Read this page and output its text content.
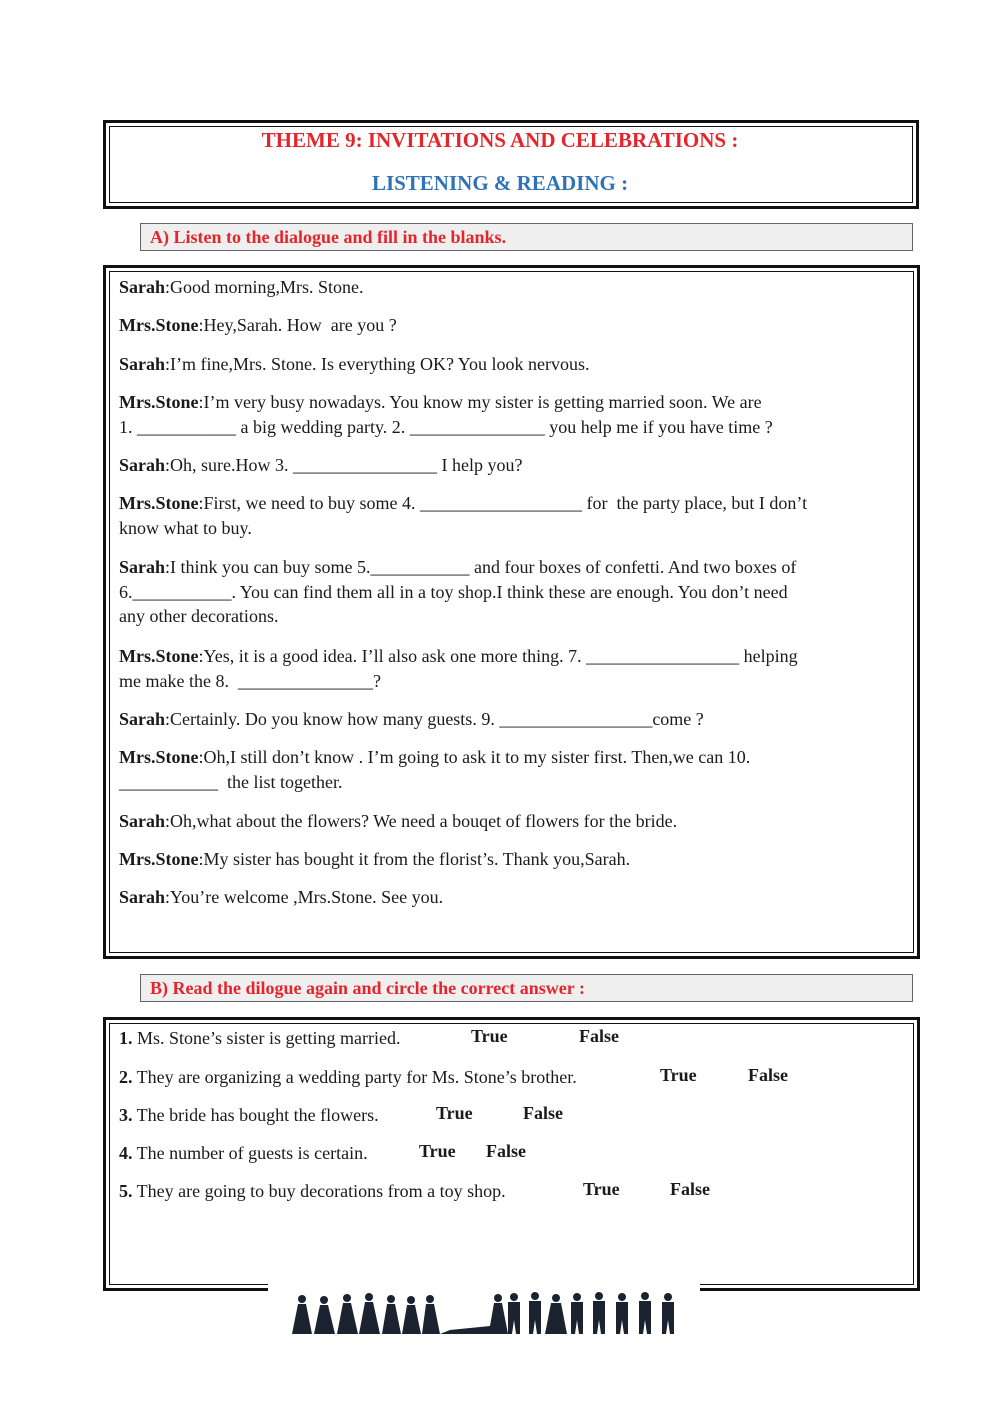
THEME 9: INVITATIONS AND CELEBRATIONS :
LISTENING & READING :
A) Listen to the dialogue and fill in the blanks.
Sarah:Good morning,Mrs. Stone.
Mrs.Stone:Hey,Sarah. How  are you ?
Sarah:I’m fine,Mrs. Stone. Is everything OK? You look nervous.
Mrs.Stone:I’m very busy nowadays. You know my sister is getting married soon. We are
1. ___________ a big wedding party. 2. _______________ you help me if you have time ?
Sarah:Oh, sure.How 3. ________________ I help you?
Mrs.Stone:First, we need to buy some 4. __________________ for  the party place, but I don’t
know what to buy.
Sarah:I think you can buy some 5.___________ and four boxes of confetti. And two boxes of
6.___________. You can find them all in a toy shop.I think these are enough. You don’t need
any other decorations.
Mrs.Stone:Yes, it is a good idea. I’ll also ask one more thing. 7. _________________ helping
me make the 8.  _______________?
Sarah:Certainly. Do you know how many guests. 9. _________________come ?
Mrs.Stone:Oh,I still don’t know . I’m going to ask it to my sister first. Then,we can 10.
___________  the list together.
Sarah:Oh,what about the flowers? We need a bouqet of flowers for the bride.
Mrs.Stone:My sister has bought it from the florist’s. Thank you,Sarah.
Sarah:You’re welcome ,Mrs.Stone. See you.
B) Read the dilogue again and circle the correct answer :
1. Ms. Stone’s sister is getting married.	True	False
2. They are organizing a wedding party for Ms. Stone’s brother.	True	False
3. The bride has bought the flowers.	True	False
4. The number of guests is certain.	True False
5. They are going to buy decorations from a toy shop.	True	False
